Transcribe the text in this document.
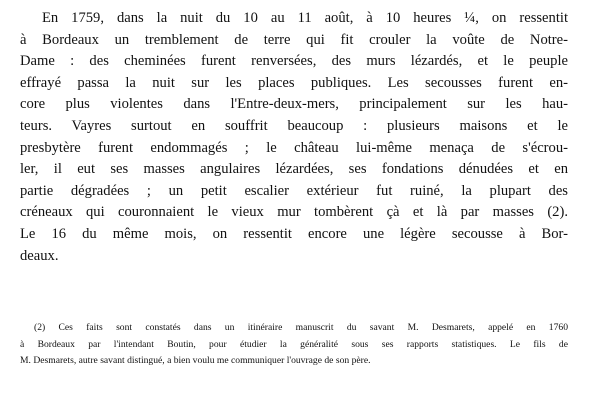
En 1759, dans la nuit du 10 au 11 août, à 10 heures ¼, on ressentit
à Bordeaux un tremblement de terre qui fit crouler la voûte de Notre-
Dame : des cheminées furent renversées, des murs lézardés, et le peuple
effrayé passa la nuit sur les places publiques. Les secousses furent en-
core plus violentes dans l'Entre-deux-mers, principalement sur les hau-
teurs. Vayres surtout en souffrit beaucoup : plusieurs maisons et le
presbytère furent endommagés ; le château lui-même menaça de s'écrou-
ler, il eut ses masses angulaires lézardées, ses fondations dénudées et en
partie dégradées ; un petit escalier extérieur fut ruiné, la plupart des
créneaux qui couronnaient le vieux mur tombèrent çà et là par masses (2).
Le 16 du même mois, on ressentit encore une légère secousse à Bor-
deaux.
(2) Ces faits sont constatés dans un itinéraire manuscrit du savant M. Desmarets, appelé en 1760
à Bordeaux par l'intendant Boutin, pour étudier la généralité sous ses rapports statistiques. Le fils de
M. Desmarets, autre savant distingué, a bien voulu me communiquer l'ouvrage de son père.
